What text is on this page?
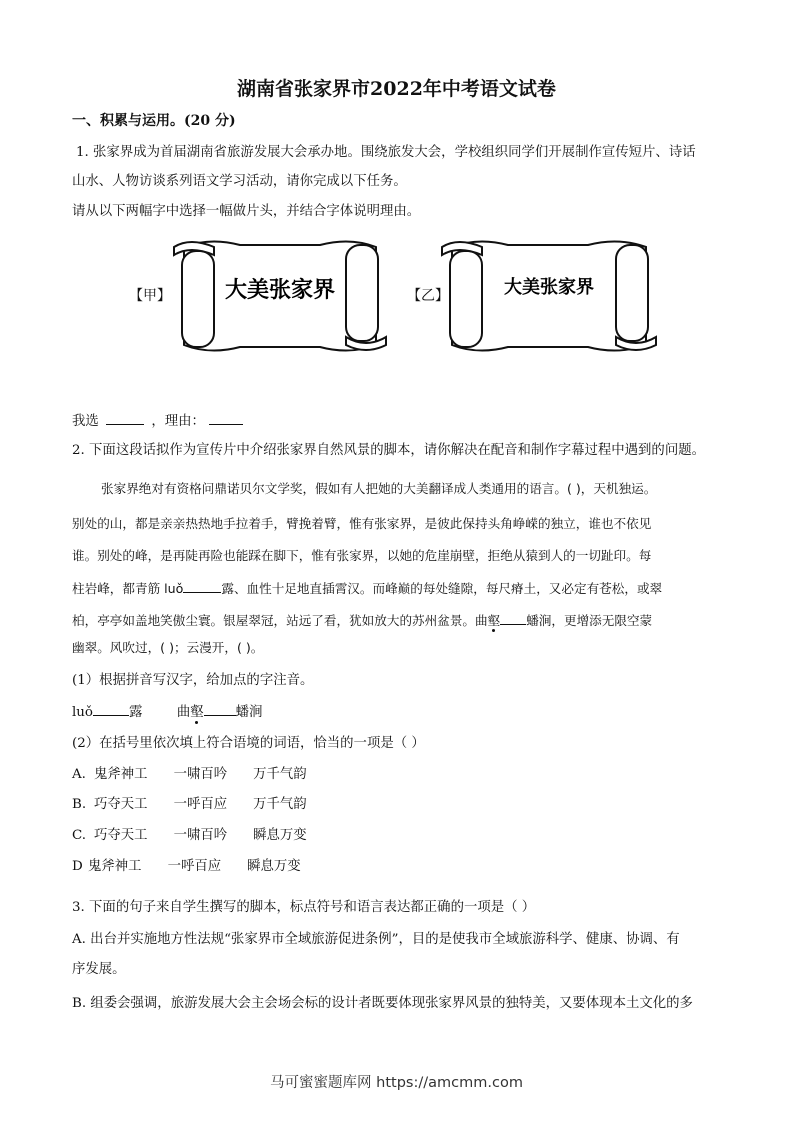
湖南省张家界市2022年中考语文试卷
一、积累与运用。(20 分)
1. 张家界成为首届湖南省旅游发展大会承办地。围绕旅发大会，学校组织同学们开展制作宣传短片、诗话
山水、人物访谈系列语文学习活动，请你完成以下任务。
请从以下两幅字中选择一幅做片头，并结合字体说明理由。
【甲】 大美张家界	【乙】	大美张家界
我选	，理由：
2. 下面这段话拟作为宣传片中介绍张家界自然风景的脚本，请你解决在配音和制作字幕过程中遇到的问题。
张家界绝对有资格问鼎诺贝尔文学奖，假如有人把她的大美翻译成人类通用的语言。( )，天机独运。
别处的山，都是亲亲热热地手拉着手，臂挽着臂，惟有张家界，是彼此保持头角峥嵘的独立，谁也不依见
谁。别处的峰，是再陡再险也能踩在脚下，惟有张家界，以她的危崖崩壁，拒绝从猿到人的一切趾印。每
柱岩峰，都青筋 luǒ	露、血性十足地直插霄汉。而峰巅的每处缝隙，每尺瘠土，又必定有苍松，或翠
柏，亭亭如盖地笑傲尘寰。银屋翠冠，站远了看，犹如放大的苏州盆景。曲壑 蟠涧，更增添无限空蒙
幽翠。风吹过，( )；云漫开，( )。
(1）根据拼音写汉字，给加点的字注音。
luǒ	露	曲壑 蟠涧
(2）在括号里依次填上符合语境的词语，恰当的一项是（ ）
A. 鬼斧神工 一啸百吟 万千气韵
B. 巧夺天工 一呼百应 万千气韵
C. 巧夺天工 一啸百吟 瞬息万变
D 鬼斧神工 一呼百应 瞬息万变
3. 下面的句子来自学生撰写的脚本，标点符号和语言表达都正确的一项是（ ）
A. 出台并实施地方性法规“张家界市全域旅游促进条例”，目的是使我市全域旅游科学、健康、协调、有
序发展。
B. 组委会强调，旅游发展大会主会场会标的设计者既要体现张家界风景的独特美，又要体现本土文化的多
马可蜜蜜题库网 https://amcmm.com
